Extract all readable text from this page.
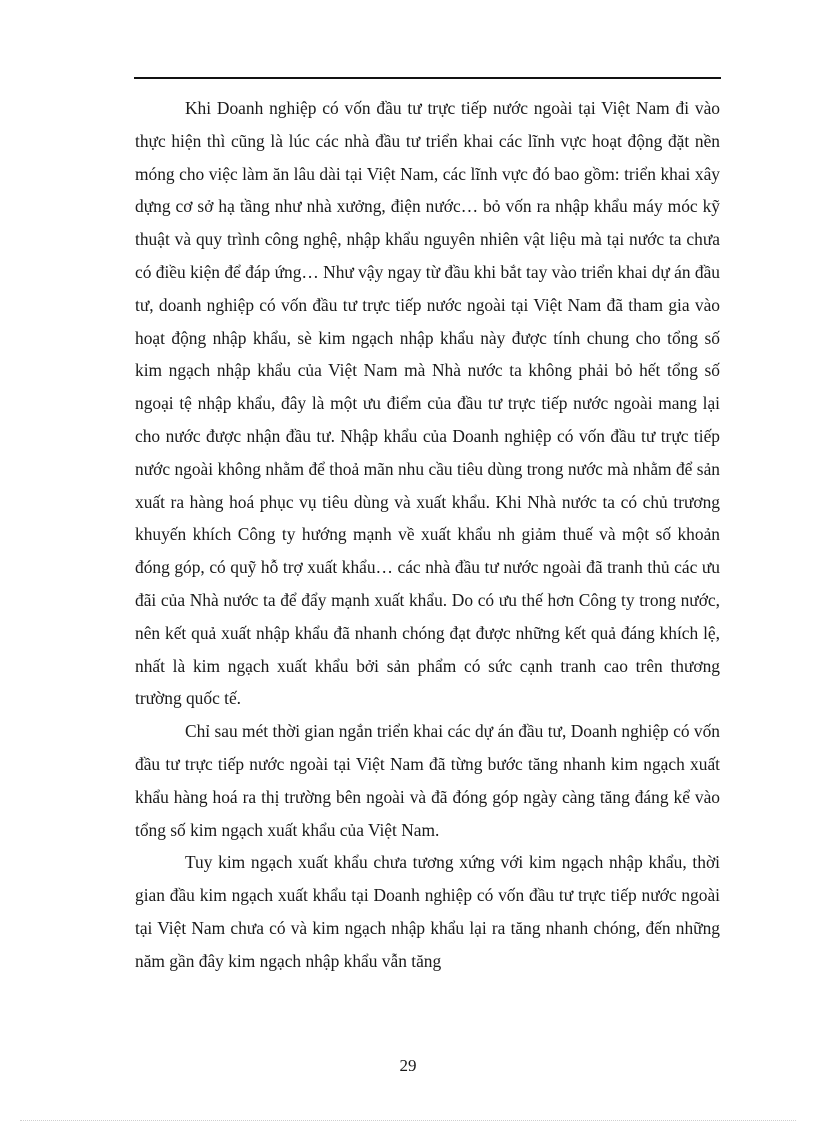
Khi Doanh nghiệp có vốn đầu tư trực tiếp nước ngoài tại Việt Nam đi vào thực hiện thì cũng là lúc các nhà đầu tư triển khai các lĩnh vực hoạt động đặt nền móng cho việc làm ăn lâu dài tại Việt Nam, các lĩnh vực đó bao gồm: triển khai xây dựng cơ sở hạ tầng như nhà xưởng, điện nước… bỏ vốn ra nhập khẩu máy móc kỹ thuật và quy trình công nghệ, nhập khẩu nguyên nhiên vật liệu mà tại nước ta chưa có điều kiện để đáp ứng… Như vậy ngay từ đầu khi bắt tay vào triển khai dự án đầu tư, doanh nghiệp có vốn đầu tư trực tiếp nước ngoài tại Việt Nam đã tham gia vào hoạt động nhập khẩu, sè kim ngạch nhập khẩu này được tính chung cho tổng số kim ngạch nhập khẩu của Việt Nam mà Nhà nước ta không phải bỏ hết tổng số ngoại tệ nhập khẩu, đây là một ưu điểm của đầu tư trực tiếp nước ngoài mang lại cho nước được nhận đầu tư. Nhập khẩu của Doanh nghiệp có vốn đầu tư trực tiếp nước ngoài không nhằm để thoả mãn nhu cầu tiêu dùng trong nước mà nhằm để sản xuất ra hàng hoá phục vụ tiêu dùng và xuất khẩu. Khi Nhà nước ta có chủ trương khuyến khích Công ty hướng mạnh về xuất khẩu nh giảm thuế và một số khoản đóng góp, có quỹ hỗ trợ xuất khẩu… các nhà đầu tư nước ngoài đã tranh thủ các ưu đãi của Nhà nước ta để đẩy mạnh xuất khẩu. Do có ưu thế hơn Công ty trong nước, nên kết quả xuất nhập khẩu đã nhanh chóng đạt được những kết quả đáng khích lệ, nhất là kim ngạch xuất khẩu bởi sản phẩm có sức cạnh tranh cao trên thương trường quốc tế.

Chỉ sau mét thời gian ngắn triển khai các dự án đầu tư, Doanh nghiệp có vốn đầu tư trực tiếp nước ngoài tại Việt Nam đã từng bước tăng nhanh kim ngạch xuất khẩu hàng hoá ra thị trường bên ngoài và đã đóng góp ngày càng tăng đáng kể vào tổng số kim ngạch xuất khẩu của Việt Nam.

Tuy kim ngạch xuất khẩu chưa tương xứng với kim ngạch nhập khẩu, thời gian đầu kim ngạch xuất khẩu tại Doanh nghiệp có vốn đầu tư trực tiếp nước ngoài tại Việt Nam chưa có và kim ngạch nhập khẩu lại ra tăng nhanh chóng, đến những năm gần đây kim ngạch nhập khẩu vẫn tăng

29
